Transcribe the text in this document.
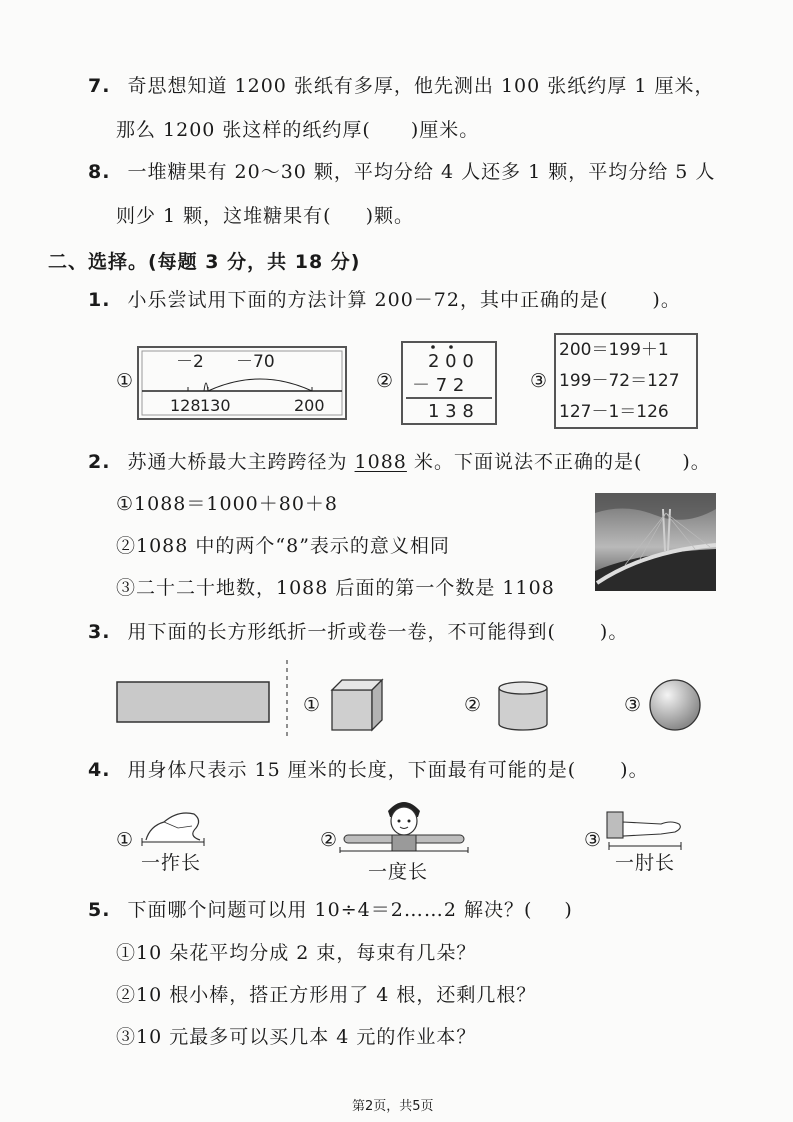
7. 奇思想知道 1200 张纸有多厚，他先测出 100 张纸约厚 1 厘米，
那么 1200 张这样的纸约厚( )厘米。
8. 一堆糖果有 20～30 颗，平均分给 4 人还多 1 颗，平均分给 5 人
则少 1 颗，这堆糖果有( )颗。
二、选择。(每题 3 分，共 18 分)
1. 小乐尝试用下面的方法计算 200－72，其中正确的是( )。
①
－2 －70
128 130	200
②
2 0 0
－ 7 2
1 3 8
③
200＝199＋1
199－72＝127
127－1＝126
2. 苏通大桥最大主跨跨径为 1088 米。下面说法不正确的是( )。
①1088＝1000＋80＋8
②1088 中的两个“8”表示的意义相同
③二十二十地数，1088 后面的第一个数是 1108
3. 用下面的长方形纸折一折或卷一卷，不可能得到( )。
①	②	③
4. 用身体尺表示 15 厘米的长度，下面最有可能的是( )。
①
一拃长
②
一度长
③
一肘长
5. 下面哪个问题可以用 10÷4＝2……2 解决？( )
①10 朵花平均分成 2 束，每束有几朵？
②10 根小棒，搭正方形用了 4 根，还剩几根？
③10 元最多可以买几本 4 元的作业本？
第2页，共5页
